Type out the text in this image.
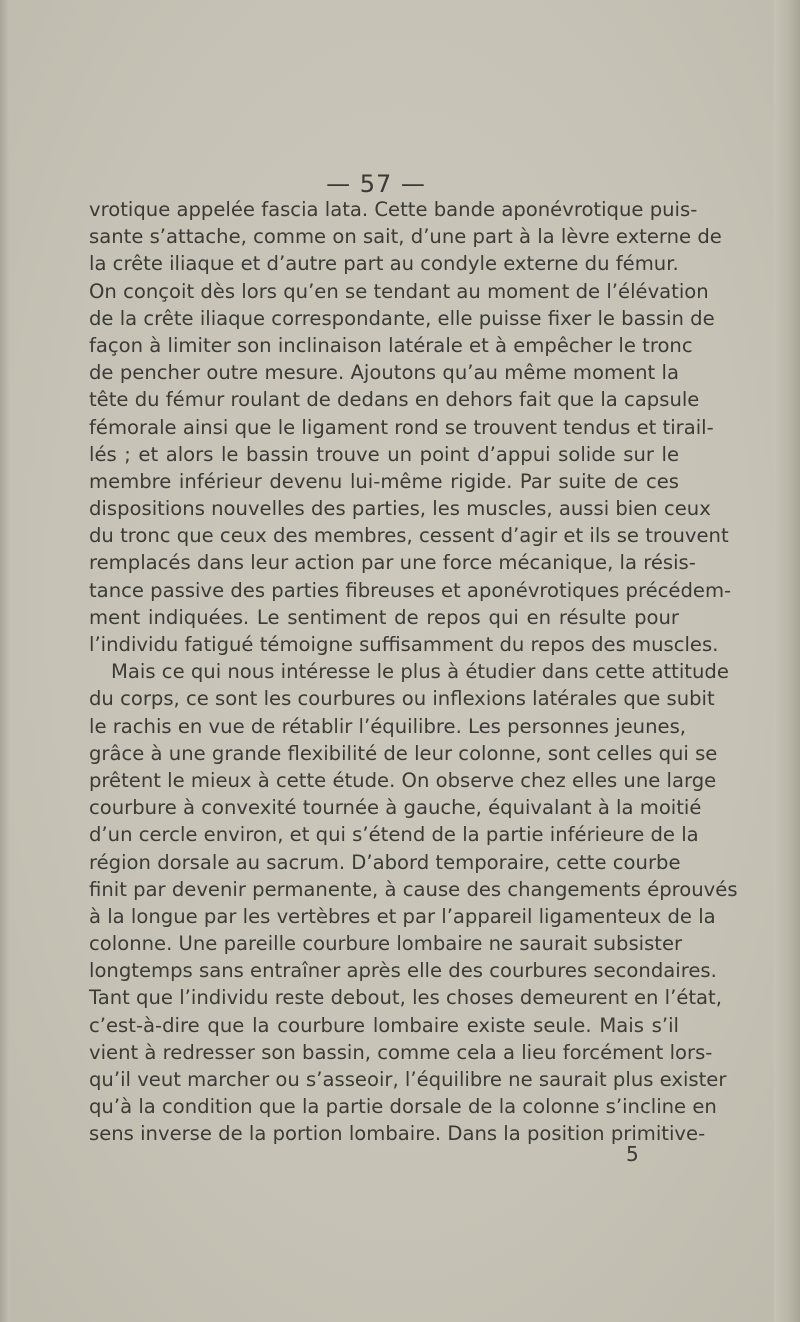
— 57 —
vrotique appelée fascia lata. Cette bande aponévrotique puis-
sante s’attache, comme on sait, d’une part à la lèvre externe de
la crête iliaque et d’autre part au condyle externe du fémur.
On conçoit dès lors qu’en se tendant au moment de l’élévation
de la crête iliaque correspondante, elle puisse fixer le bassin de
façon à limiter son inclinaison latérale et à empêcher le tronc
de pencher outre mesure. Ajoutons qu’au même moment la
tête du fémur roulant de dedans en dehors fait que la capsule
fémorale ainsi que le ligament rond se trouvent tendus et tirail-
lés ; et alors le bassin trouve un point d’appui solide sur le
membre inférieur devenu lui-même rigide. Par suite de ces
dispositions nouvelles des parties, les muscles, aussi bien ceux
du tronc que ceux des membres, cessent d’agir et ils se trouvent
remplacés dans leur action par une force mécanique, la résis-
tance passive des parties fibreuses et aponévrotiques précédem-
ment indiquées. Le sentiment de repos qui en résulte pour
l’individu fatigué témoigne suffisamment du repos des muscles.
Mais ce qui nous intéresse le plus à étudier dans cette attitude
du corps, ce sont les courbures ou inflexions latérales que subit
le rachis en vue de rétablir l’équilibre. Les personnes jeunes,
grâce à une grande flexibilité de leur colonne, sont celles qui se
prêtent le mieux à cette étude. On observe chez elles une large
courbure à convexité tournée à gauche, équivalant à la moitié
d’un cercle environ, et qui s’étend de la partie inférieure de la
région dorsale au sacrum. D’abord temporaire, cette courbe
finit par devenir permanente, à cause des changements éprouvés
à la longue par les vertèbres et par l’appareil ligamenteux de la
colonne. Une pareille courbure lombaire ne saurait subsister
longtemps sans entraîner après elle des courbures secondaires.
Tant que l’individu reste debout, les choses demeurent en l’état,
c’est-à-dire que la courbure lombaire existe seule. Mais s’il
vient à redresser son bassin, comme cela a lieu forcément lors-
qu’il veut marcher ou s’asseoir, l’équilibre ne saurait plus exister
qu’à la condition que la partie dorsale de la colonne s’incline en
sens inverse de la portion lombaire. Dans la position primitive-
5
